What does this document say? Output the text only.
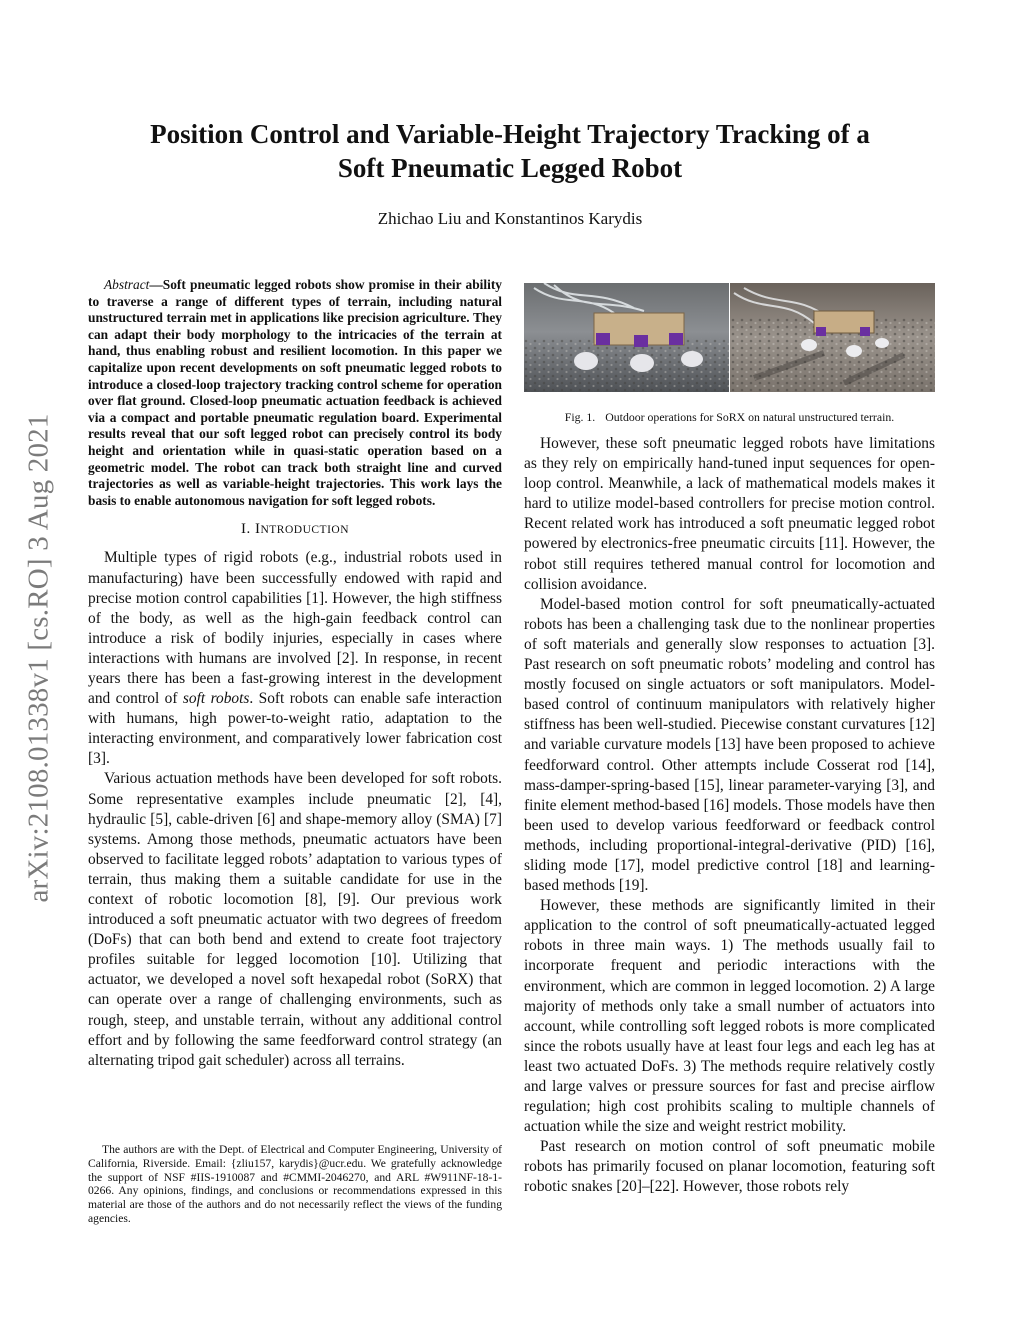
arXiv:2108.01338v1 [cs.RO] 3 Aug 2021
Position Control and Variable-Height Trajectory Tracking of a
Soft Pneumatic Legged Robot
Zhichao Liu and Konstantinos Karydis

Abstract—Soft pneumatic legged robots show promise in their ability to traverse a range of different types of terrain, including natural unstructured terrain met in applications like precision agriculture. They can adapt their body morphology to the intricacies of the terrain at hand, thus enabling robust and resilient locomotion. In this paper we capitalize upon recent developments on soft pneumatic legged robots to introduce a closed-loop trajectory tracking control scheme for operation over flat ground. Closed-loop pneumatic actuation feedback is achieved via a compact and portable pneumatic regulation board. Experimental results reveal that our soft legged robot can precisely control its body height and orientation while in quasi-static operation based on a geometric model. The robot can track both straight line and curved trajectories as well as variable-height trajectories. This work lays the basis to enable autonomous navigation for soft legged robots.

I. INTRODUCTION

Multiple types of rigid robots (e.g., industrial robots used in manufacturing) have been successfully endowed with rapid and precise motion control capabilities [1]. However, the high stiffness of the body, as well as the high-gain feedback control can introduce a risk of bodily injuries, especially in cases where interactions with humans are involved [2]. In response, in recent years there has been a fast-growing interest in the development and control of soft robots. Soft robots can enable safe interaction with humans, high power-to-weight ratio, adaptation to the interacting environment, and comparatively lower fabrication cost [3].

Various actuation methods have been developed for soft robots. Some representative examples include pneumatic [2], [4], hydraulic [5], cable-driven [6] and shape-memory alloy (SMA) [7] systems. Among those methods, pneumatic actuators have been observed to facilitate legged robots’ adaptation to various types of terrain, thus making them a suitable candidate for use in the context of robotic locomotion [8], [9]. Our previous work introduced a soft pneumatic actuator with two degrees of freedom (DoFs) that can both bend and extend to create foot trajectory profiles suitable for legged locomotion [10]. Utilizing that actuator, we developed a novel soft hexapedal robot (SoRX) that can operate over a range of challenging environments, such as rough, steep, and unstable terrain, without any additional control effort and by following the same feedforward control strategy (an alternating tripod gait scheduler) across all terrains.

The authors are with the Dept. of Electrical and Computer Engineering, University of California, Riverside. Email: {zliu157, karydis}@ucr.edu. We gratefully acknowledge the support of NSF #IIS-1910087 and #CMMI-2046270, and ARL #W911NF-18-1-0266. Any opinions, findings, and conclusions or recommendations expressed in this material are those of the authors and do not necessarily reflect the views of the funding agencies.

Fig. 1. Outdoor operations for SoRX on natural unstructured terrain.

However, these soft pneumatic legged robots have limitations as they rely on empirically hand-tuned input sequences for open-loop control. Meanwhile, a lack of mathematical models makes it hard to utilize model-based controllers for precise motion control. Recent related work has introduced a soft pneumatic legged robot powered by electronics-free pneumatic circuits [11]. However, the robot still requires tethered manual control for locomotion and collision avoidance.

Model-based motion control for soft pneumatically-actuated robots has been a challenging task due to the nonlinear properties of soft materials and generally slow responses to actuation [3]. Past research on soft pneumatic robots’ modeling and control has mostly focused on single actuators or soft manipulators. Model-based control of continuum manipulators with relatively higher stiffness has been well-studied. Piecewise constant curvatures [12] and variable curvature models [13] have been proposed to achieve feedforward control. Other attempts include Cosserat rod [14], mass-damper-spring-based [15], linear parameter-varying [3], and finite element method-based [16] models. Those models have then been used to develop various feedforward or feedback control methods, including proportional-integral-derivative (PID) [16], sliding mode [17], model predictive control [18] and learning-based methods [19].

However, these methods are significantly limited in their application to the control of soft pneumatically-actuated legged robots in three main ways. 1) The methods usually fail to incorporate frequent and periodic interactions with the environment, which are common in legged locomotion. 2) A large majority of methods only take a small number of actuators into account, while controlling soft legged robots is more complicated since the robots usually have at least four legs and each leg has at least two actuated DoFs. 3) The methods require relatively costly and large valves or pressure sources for fast and precise airflow regulation; high cost prohibits scaling to multiple channels of actuation while the size and weight restrict mobility.

Past research on motion control of soft pneumatic mobile robots has primarily focused on planar locomotion, featuring soft robotic snakes [20]–[22]. However, those robots rely
